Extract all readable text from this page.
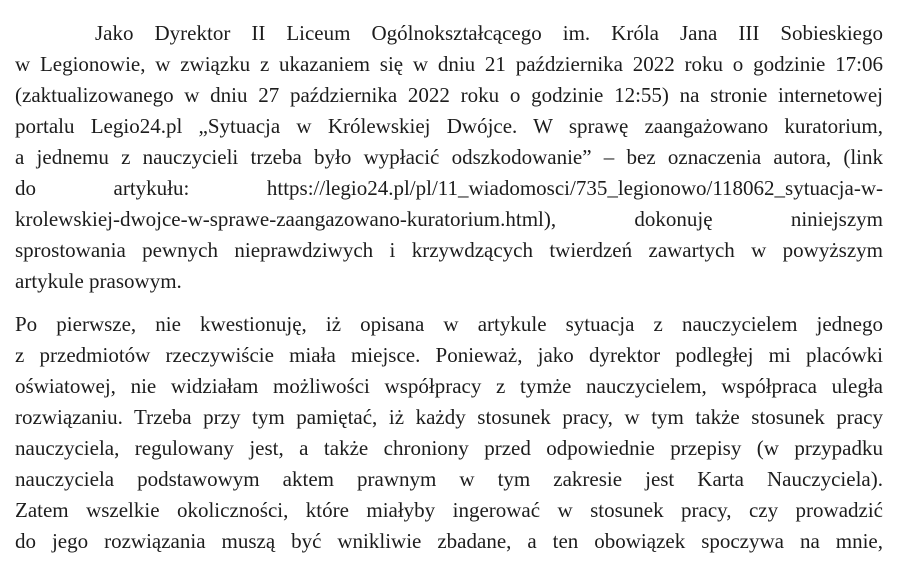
Jako Dyrektor II Liceum Ogólnokształcącego im. Króla Jana III Sobieskiego
w Legionowie, w związku z ukazaniem się w dniu 21 października 2022 roku o godzinie 17:06
(zaktualizowanego w dniu 27 października 2022 roku o godzinie 12:55) na stronie internetowej
portalu Legio24.pl „Sytuacja w Królewskiej Dwójce. W sprawę zaangażowano kuratorium,
a jednemu z nauczycieli trzeba było wypłacić odszkodowanie” – bez oznaczenia autora, (link
do artykułu: https://legio24.pl/pl/11_wiadomosci/735_legionowo/118062_sytuacja-w-
krolewskiej-dwojce-w-sprawe-zaangazowano-kuratorium.html), dokonuję niniejszym
sprostowania pewnych nieprawdziwych i krzywdzących twierdzeń zawartych w powyższym
artykule prasowym.
Po pierwsze, nie kwestionuję, iż opisana w artykule sytuacja z nauczycielem jednego
z przedmiotów rzeczywiście miała miejsce. Ponieważ, jako dyrektor podległej mi placówki
oświatowej, nie widziałam możliwości współpracy z tymże nauczycielem, współpraca uległa
rozwiązaniu. Trzeba przy tym pamiętać, iż każdy stosunek pracy, w tym także stosunek pracy
nauczyciela, regulowany jest, a także chroniony przed odpowiednie przepisy (w przypadku
nauczyciela podstawowym aktem prawnym w tym zakresie jest Karta Nauczyciela).
Zatem wszelkie okoliczności, które miałyby ingerować w stosunek pracy, czy prowadzić
do jego rozwiązania muszą być wnikliwie zbadane, a ten obowiązek spoczywa na mnie,
